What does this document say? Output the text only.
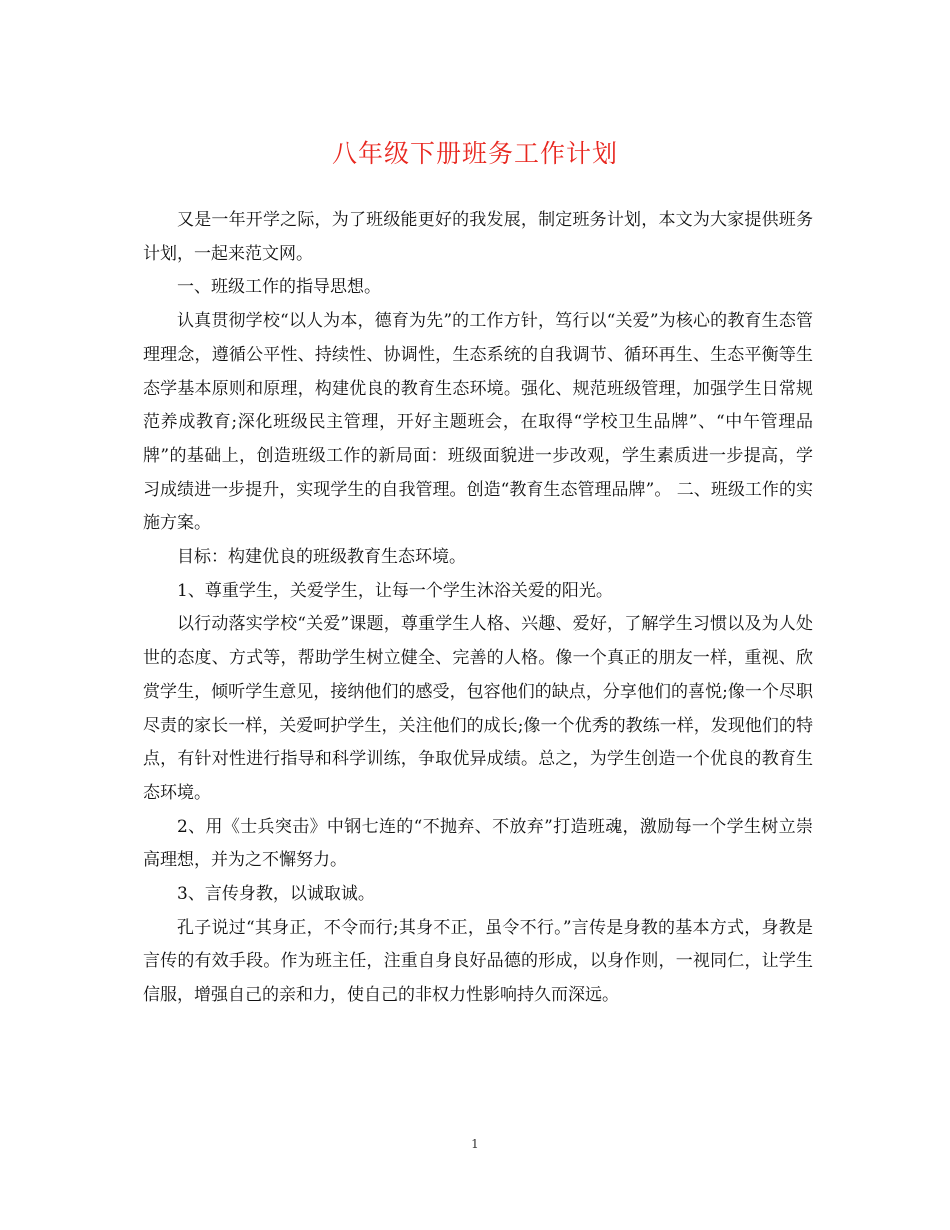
八年级下册班务工作计划

又是一年开学之际，为了班级能更好的我发展，制定班务计划，本文为大家提供班务计划，一起来范文网。

一、班级工作的指导思想。

认真贯彻学校“以人为本，德育为先”的工作方针，笃行以“关爱”为核心的教育生态管理理念，遵循公平性、持续性、协调性，生态系统的自我调节、循环再生、生态平衡等生态学基本原则和原理，构建优良的教育生态环境。强化、规范班级管理，加强学生日常规范养成教育;深化班级民主管理，开好主题班会，在取得“学校卫生品牌”、“中午管理品牌”的基础上，创造班级工作的新局面：班级面貌进一步改观，学生素质进一步提高，学习成绩进一步提升，实现学生的自我管理。创造“教育生态管理品牌”。 二、班级工作的实施方案。

目标：构建优良的班级教育生态环境。

1、尊重学生，关爱学生，让每一个学生沐浴关爱的阳光。

以行动落实学校“关爱”课题，尊重学生人格、兴趣、爱好，了解学生习惯以及为人处世的态度、方式等，帮助学生树立健全、完善的人格。像一个真正的朋友一样，重视、欣赏学生，倾听学生意见，接纳他们的感受，包容他们的缺点，分享他们的喜悦;像一个尽职尽责的家长一样，关爱呵护学生，关注他们的成长;像一个优秀的教练一样，发现他们的特点，有针对性进行指导和科学训练，争取优异成绩。总之，为学生创造一个优良的教育生态环境。

2、用《士兵突击》中钢七连的“不抛弃、不放弃”打造班魂，激励每一个学生树立崇高理想，并为之不懈努力。

3、言传身教，以诚取诚。

孔子说过“其身正，不令而行;其身不正，虽令不行。”言传是身教的基本方式，身教是言传的有效手段。作为班主任，注重自身良好品德的形成，以身作则，一视同仁，让学生信服，增强自己的亲和力，使自己的非权力性影响持久而深远。

1
